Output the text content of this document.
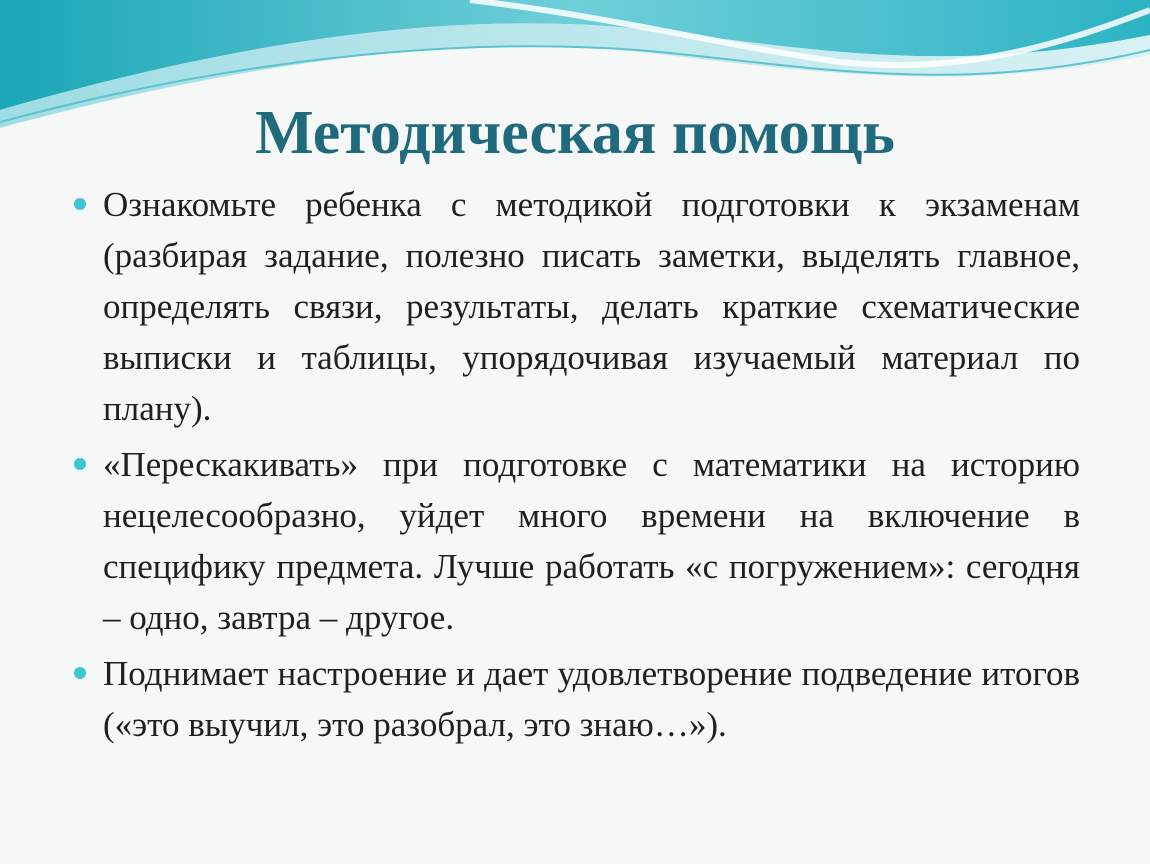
Методическая помощь
Ознакомьте ребенка с методикой подготовки к экзаменам (разбирая задание, полезно писать заметки, выделять главное, определять связи, результаты, делать краткие схематические выписки и таблицы, упорядочивая изучаемый материал по плану).
«Перескакивать» при подготовке с математики на историю нецелесообразно, уйдет много времени на включение в специфику предмета. Лучше работать «с погружением»: сегодня – одно, завтра – другое.
Поднимает настроение и дает удовлетворение подведение итогов («это выучил, это разобрал, это знаю…»).
